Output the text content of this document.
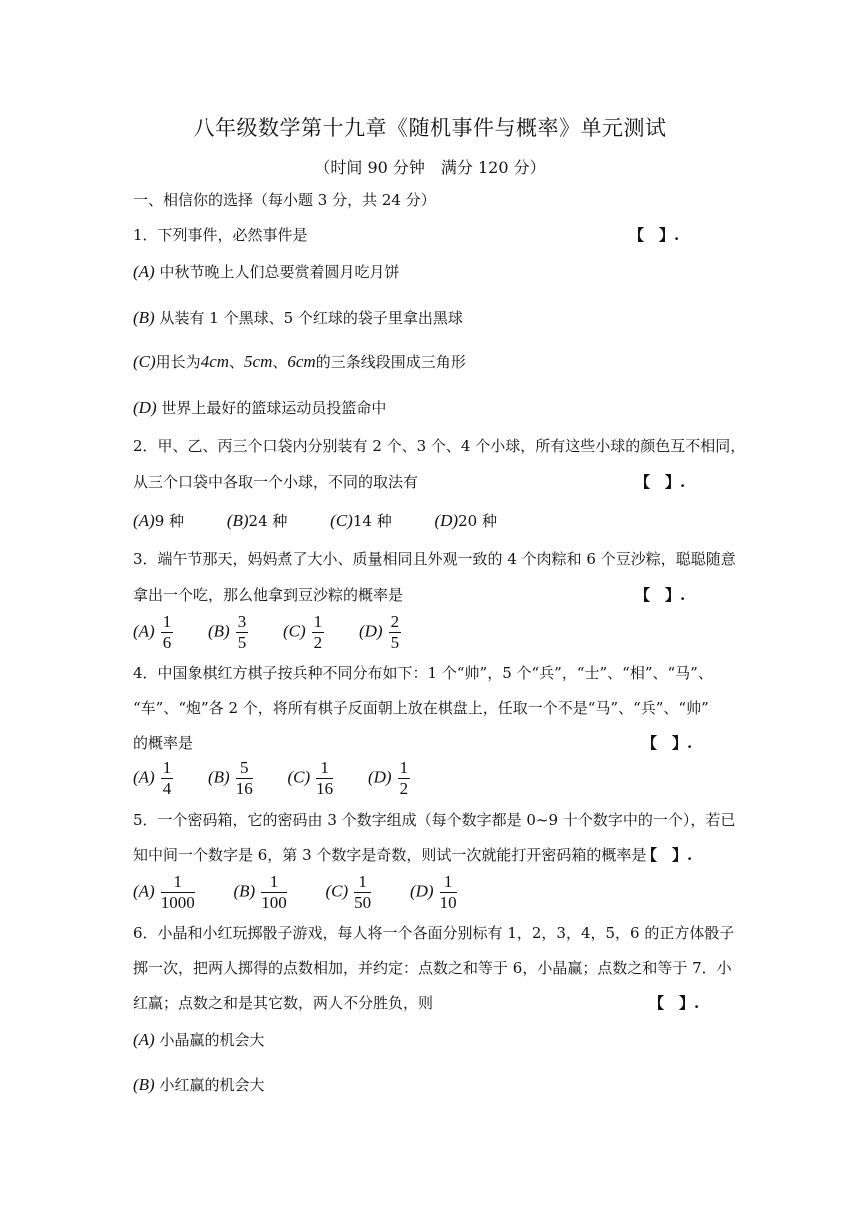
八年级数学第十九章《随机事件与概率》单元测试
（时间 90 分钟　满分 120 分）
一、相信你的选择（每小题 3 分，共 24 分）
1．下列事件，必然事件是	【　】.
(A) 中秋节晚上人们总要赏着圆月吃月饼
(B) 从装有 1 个黑球、5 个红球的袋子里拿出黑球
(C)用长为4cm、5cm、6cm的三条线段围成三角形
(D) 世界上最好的篮球运动员投篮命中
2．甲、乙、丙三个口袋内分别装有 2 个、3 个、4 个小球，所有这些小球的颜色互不相同，
从三个口袋中各取一个小球，不同的取法有	【　】.
(A)9 种	(B)24 种	(C)14 种	(D)20 种
3．端午节那天，妈妈煮了大小、质量相同且外观一致的 4 个肉粽和 6 个豆沙粽，聪聪随意
拿出一个吃，那么他拿到豆沙粽的概率是	【　】.
$(A) \frac{1}{6} (B) \frac{3}{5} (C) \frac{1}{2} (D) \frac{2}{5}$
4．中国象棋红方棋子按兵种不同分布如下：1 个“帅”，5 个“兵”，“士”、“相”、“马”、
“车”、“炮”各 2 个，将所有棋子反面朝上放在棋盘上，任取一个不是“马”、“兵”、“帅”
的概率是	【　】.
$(A) \frac{1}{4} (B) \frac{5}{16} (C) \frac{1}{16} (D) \frac{1}{2}$
5．一个密码箱，它的密码由 3 个数字组成（每个数字都是 0~9 十个数字中的一个），若已
知中间一个数字是 6，第 3 个数字是奇数，则试一次就能打开密码箱的概率是
【　】.
$(A) \frac{1}{1000} (B) \frac{1}{100} (C) \frac{1}{50} (D) \frac{1}{10}$
6．小晶和小红玩掷骰子游戏，每人将一个各面分别标有 1，2，3，4，5，6 的正方体骰子
掷一次，把两人掷得的点数相加，并约定：点数之和等于 6，小晶赢；点数之和等于 7．小
红赢；点数之和是其它数，两人不分胜负，则	【　】.
(A) 小晶赢的机会大
(B) 小红赢的机会大
